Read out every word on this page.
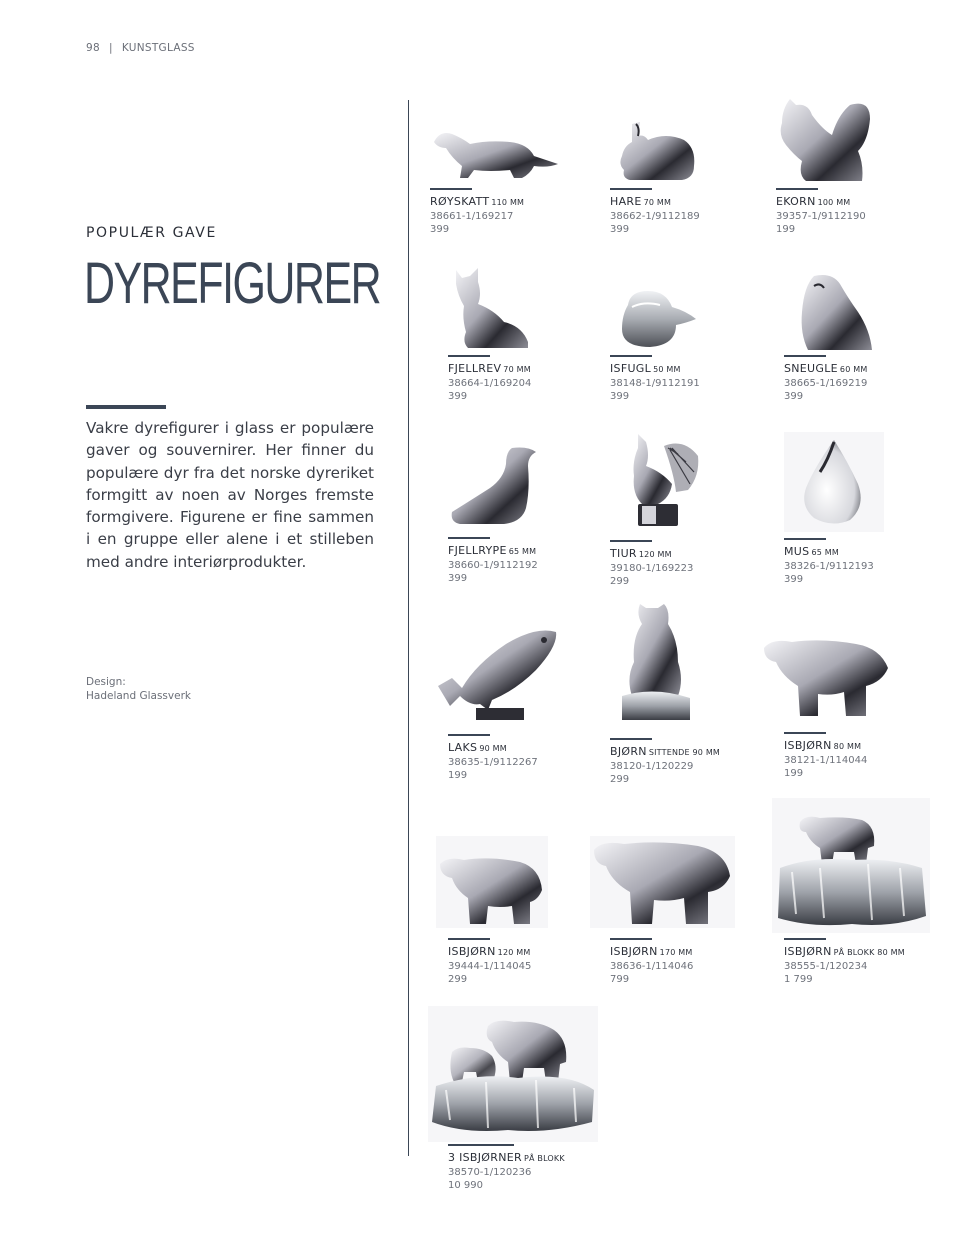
98 | KUNSTGLASS
POPULÆR GAVE
DYREFIGURER
Vakre dyrefigurer i glass er populære gaver og souvernirer. Her finner du populære dyr fra det norske dyreriket formgitt av noen av Norges fremste formgivere. Figurene er fine sammen i en gruppe eller alene i et stilleben med andre interiørprodukter.
Design:
Hadeland Glassverk
RØYSKATT 110 MM
38661-1/169217
399
HARE 70 MM
38662-1/9112189
399
EKORN 100 MM
39357-1/9112190
199
FJELLREV 70 MM
38664-1/169204
399
ISFUGL 50 MM
38148-1/9112191
399
SNEUGLE 60 MM
38665-1/169219
399
FJELLRYPE 65 MM
38660-1/9112192
399
TIUR 120 MM
39180-1/169223
299
MUS 65 MM
38326-1/9112193
399
LAKS 90 MM
38635-1/9112267
199
BJØRN SITTENDE 90 MM
38120-1/120229
299
ISBJØRN 80 MM
38121-1/114044
199
ISBJØRN 120 MM
39444-1/114045
299
ISBJØRN 170 MM
38636-1/114046
799
ISBJØRN PÅ BLOKK 80 MM
38555-1/120234
1 799
3 ISBJØRNER PÅ BLOKK
38570-1/120236
10 990
